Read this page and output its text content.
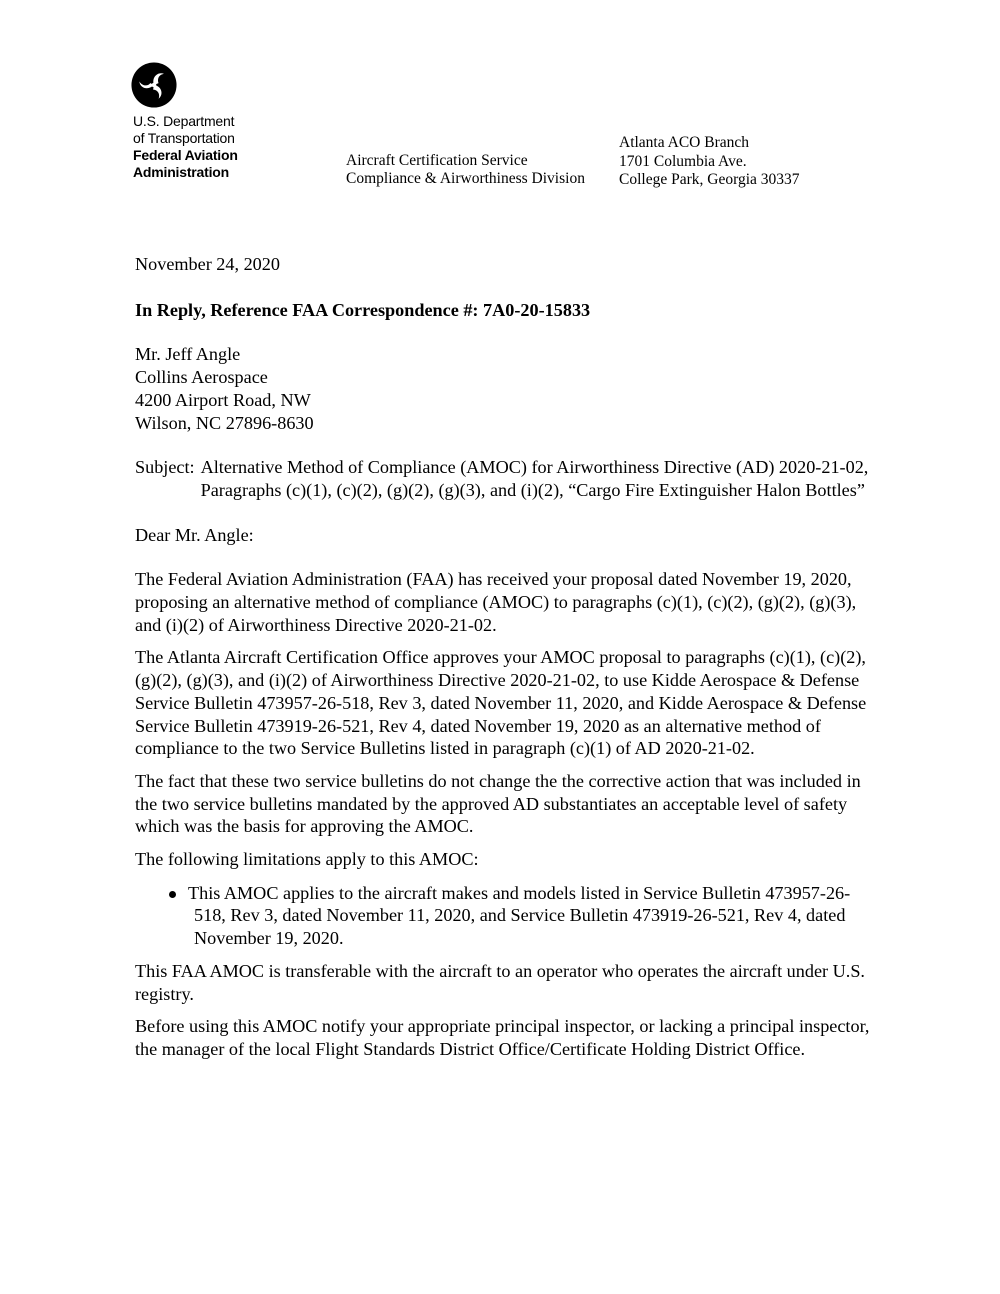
U.S. Department
of Transportation
Federal Aviation
Administration
Aircraft Certification Service
Compliance & Airworthiness Division
Atlanta ACO Branch
1701 Columbia Ave.
College Park, Georgia 30337

November 24, 2020

In Reply, Reference FAA Correspondence #: 7A0-20-15833

Mr. Jeff Angle

Collins Aerospace

4200 Airport Road, NW

Wilson, NC 27896-8630

Subject: Alternative Method of Compliance (AMOC) for Airworthiness Directive (AD) 2020-21-02, Paragraphs (c)(1), (c)(2), (g)(2), (g)(3), and (i)(2), “Cargo Fire Extinguisher Halon Bottles”

Dear Mr. Angle:

The Federal Aviation Administration (FAA) has received your proposal dated November 19, 2020, proposing an alternative method of compliance (AMOC) to paragraphs (c)(1), (c)(2), (g)(2), (g)(3), and (i)(2) of Airworthiness Directive 2020-21-02.

The Atlanta Aircraft Certification Office approves your AMOC proposal to paragraphs (c)(1), (c)(2), (g)(2), (g)(3), and (i)(2) of Airworthiness Directive 2020-21-02, to use Kidde Aerospace & Defense Service Bulletin 473957-26-518, Rev 3, dated November 11, 2020, and Kidde Aerospace & Defense Service Bulletin 473919-26-521, Rev 4, dated November 19, 2020 as an alternative method of compliance to the two Service Bulletins listed in paragraph (c)(1) of AD 2020-21-02.

The fact that these two service bulletins do not change the the corrective action that was included in the two service bulletins mandated by the approved AD substantiates an acceptable level of safety which was the basis for approving the AMOC.

The following limitations apply to this AMOC:

This AMOC applies to the aircraft makes and models listed in Service Bulletin 473957-26-518, Rev 3, dated November 11, 2020, and Service Bulletin 473919-26-521, Rev 4, dated November 19, 2020.

This FAA AMOC is transferable with the aircraft to an operator who operates the aircraft under U.S. registry.

Before using this AMOC notify your appropriate principal inspector, or lacking a principal inspector, the manager of the local Flight Standards District Office/Certificate Holding District Office.
